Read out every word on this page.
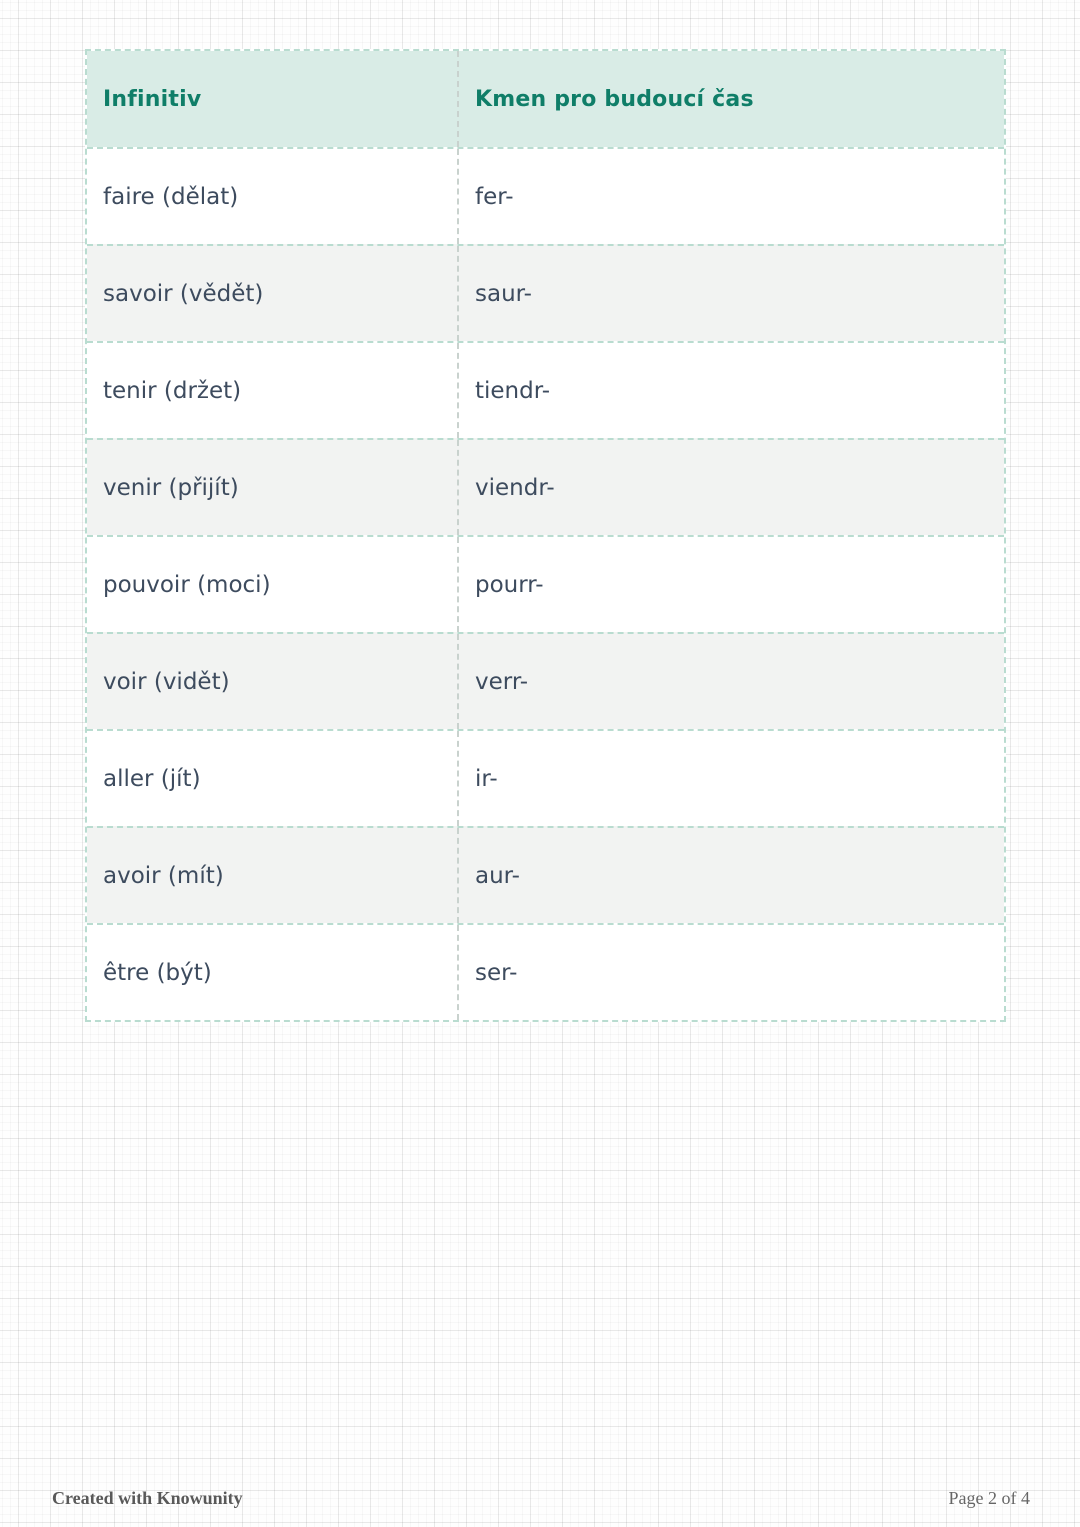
Infinitiv	Kmen pro budoucí čas
faire (dělat)	fer-
savoir (vědět)	saur-
tenir (držet)	tiendr-
venir (přijít)	viendr-
pouvoir (moci)	pourr-
voir (vidět)	verr-
aller (jít)	ir-
avoir (mít)	aur-
être (být)	ser-
Created with Knowunity	Page 2 of 4
